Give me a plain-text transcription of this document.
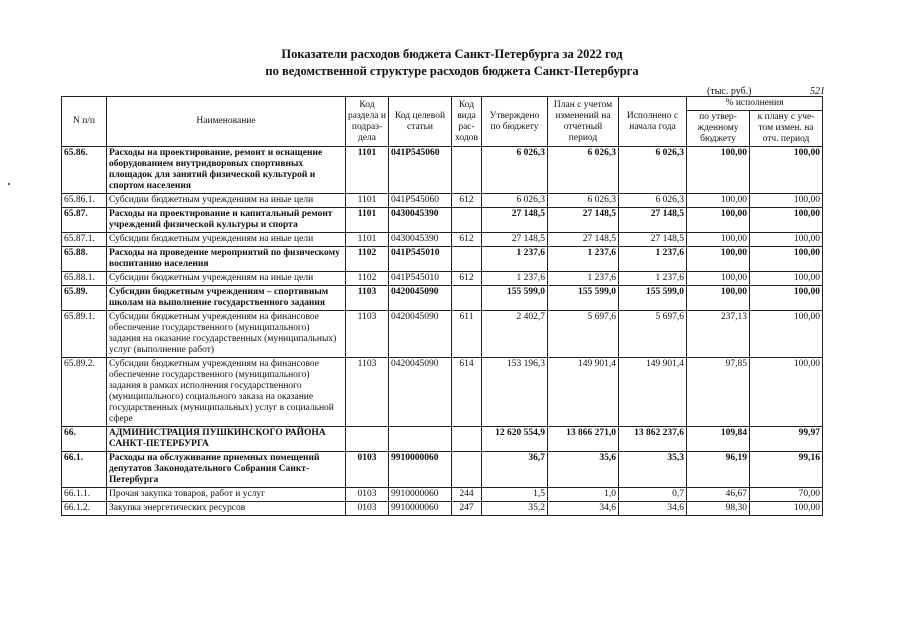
Показатели расходов бюджета Санкт-Петербурга за 2022 год
по ведомственной структуре расходов бюджета Санкт-Петербурга
(тыс. руб.)	521
N п/п	Наименование	Код раздела и подраз-дела	Код целевой статьи	Код вида рас-ходов	Утверждено по бюджету	План с учетом изменений на отчетный период	Исполнено с начала года	% исполнения	
								по утвер-жденному бюджету	к плану с уче-том измен. на отч. период
65.86.	Расходы на проектирование, ремонт и оснащение оборудованием внутридворовых спортивных площадок для занятий физической культурой и спортом населения	1101	041P545060		6 026,3	6 026,3	6 026,3	100,00	100,00
65.86.1.	Субсидии бюджетным учреждениям на иные цели	1101	041P545060	612	6 026,3	6 026,3	6 026,3	100,00	100,00
65.87.	Расходы на проектирование и капитальный ремонт учреждений физической культуры и спорта	1101	0430045390		27 148,5	27 148,5	27 148,5	100,00	100,00
65.87.1.	Субсидии бюджетным учреждениям на иные цели	1101	0430045390	612	27 148,5	27 148,5	27 148,5	100,00	100,00
65.88.	Расходы на проведение мероприятий по физическому воспитанию населения	1102	041P545010		1 237,6	1 237,6	1 237,6	100,00	100,00
65.88.1.	Субсидии бюджетным учреждениям на иные цели	1102	041P545010	612	1 237,6	1 237,6	1 237,6	100,00	100,00
65.89.	Субсидии бюджетным учреждениям – спортивным школам на выполнение государственного задания	1103	0420045090		155 599,0	155 599,0	155 599,0	100,00	100,00
65.89.1.	Субсидии бюджетным учреждениям на финансовое обеспечение государственного (муниципального) задания на оказание государственных (муниципальных) услуг (выполнение работ)	1103	0420045090	611	2 402,7	5 697,6	5 697,6	237,13	100,00
65.89.2.	Субсидии бюджетным учреждениям на финансовое обеспечение государственного (муниципального) задания в рамках исполнения государственного (муниципального) социального заказа на оказание государственных (муниципальных) услуг в социальной сфере	1103	0420045090	614	153 196,3	149 901,4	149 901,4	97,85	100,00
66.	АДМИНИСТРАЦИЯ ПУШКИНСКОГО РАЙОНА САНКТ-ПЕТЕРБУРГА				12 620 554,9	13 866 271,0	13 862 237,6	109,84	99,97
66.1.	Расходы на обслуживание приемных помещений депутатов Законодательного Собрания Санкт-Петербурга	0103	9910000060		36,7	35,6	35,3	96,19	99,16
66.1.1.	Прочая закупка товаров, работ и услуг	0103	9910000060	244	1,5	1,0	0,7	46,67	70,00
66.1.2.	Закупка энергетических ресурсов	0103	9910000060	247	35,2	34,6	34,6	98,30	100,00
